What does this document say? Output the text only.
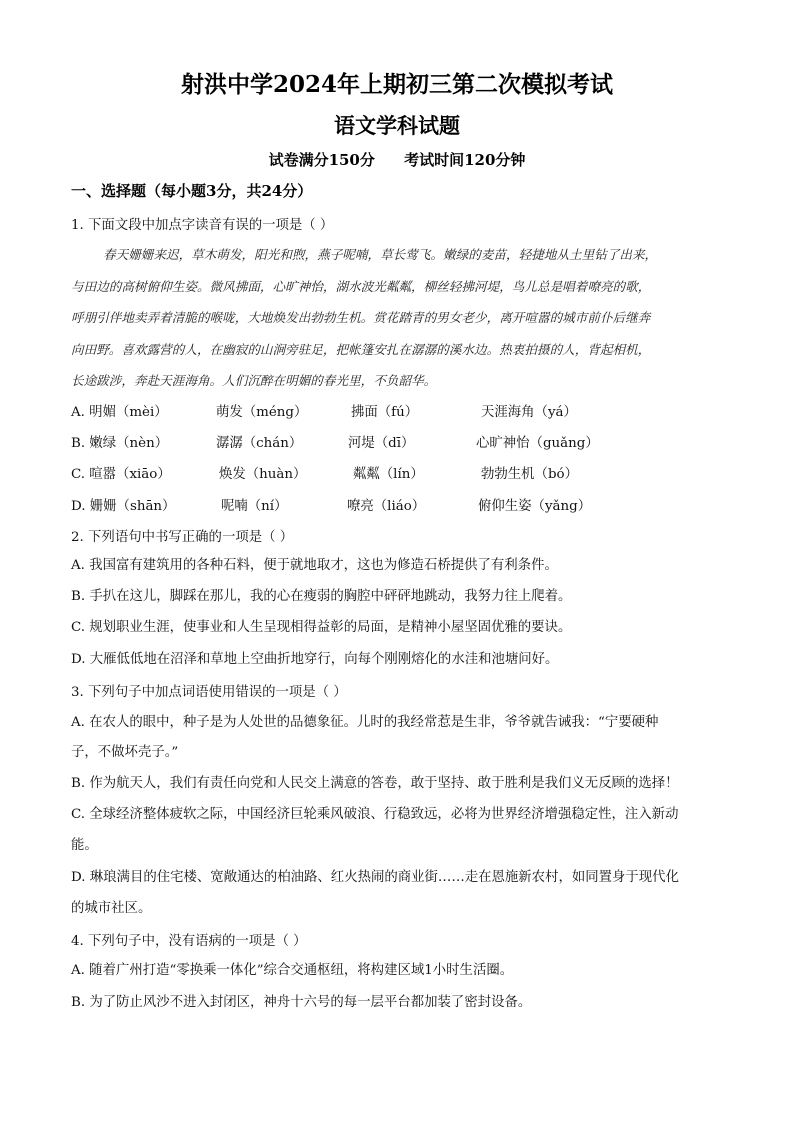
射洪中学2024年上期初三第二次模拟考试
语文学科试题
试卷满分150分 考试时间120分钟
一、选择题（每小题3分，共24分）
1. 下面文段中加点字读音有误的一项是（ ）
春天姗姗来迟，草木萌发，阳光和煦，燕子呢喃，草长莺飞。嫩绿的麦苗，轻捷地从土里钻了出来，
与田边的高树俯仰生姿。微风拂面，心旷神怡，湖水波光粼粼，柳丝轻拂河堤，鸟儿总是唱着嘹亮的歌，
呼朋引伴地卖弄着清脆的喉咙，大地焕发出勃勃生机。赏花踏青的男女老少，离开喧嚣的城市前仆后继奔
向田野。喜欢露营的人，在幽寂的山涧旁驻足，把帐篷安扎在潺潺的溪水边。热衷拍摄的人，背起相机，
长途跋涉，奔赴天涯海角。人们沉醉在明媚的春光里，不负韶华。
A. 明媚（mèi）	萌发（méng）	拂面（fú）	天涯海角（yá）
B. 嫩绿（nèn）	潺潺（chán）	河堤（dī）	心旷神怡（guǎng）
C. 喧嚣（xiāo）	焕发（huàn）	粼粼（lín）	勃勃生机（bó）
D. 姗姗（shān）	呢喃（ní）	嘹亮（liáo）	俯仰生姿（yǎng）
2. 下列语句中书写正确的一项是（ ）
A. 我国富有建筑用的各种石料，便于就地取才，这也为修造石桥提供了有利条件。
B. 手扒在这儿，脚踩在那儿，我的心在瘦弱的胸腔中砰砰地跳动，我努力往上爬着。
C. 规划职业生涯，使事业和人生呈现相得益彰的局面，是精神小屋坚固优雅的要诀。
D. 大雁低低地在沼泽和草地上空曲折地穿行，向每个刚刚熔化的水洼和池塘问好。
3. 下列句子中加点词语使用错误的一项是（ ）
A. 在农人的眼中，种子是为人处世的品德象征。儿时的我经常惹是生非，爷爷就告诫我：“宁要硬种
子，不做坏壳子。”
B. 作为航天人，我们有责任向党和人民交上满意的答卷，敢于坚持、敢于胜利是我们义无反顾的选择！
C. 全球经济整体疲软之际，中国经济巨轮乘风破浪、行稳致远，必将为世界经济增强稳定性，注入新动
能。
D. 琳琅满目的住宅楼、宽敞通达的柏油路、红火热闹的商业街……走在恩施新农村，如同置身于现代化
的城市社区。
4. 下列句子中，没有语病的一项是（ ）
A. 随着广州打造“零换乘一体化”综合交通枢纽，将构建区域1小时生活圈。
B. 为了防止风沙不进入封闭区，神舟十六号的每一层平台都加装了密封设备。
